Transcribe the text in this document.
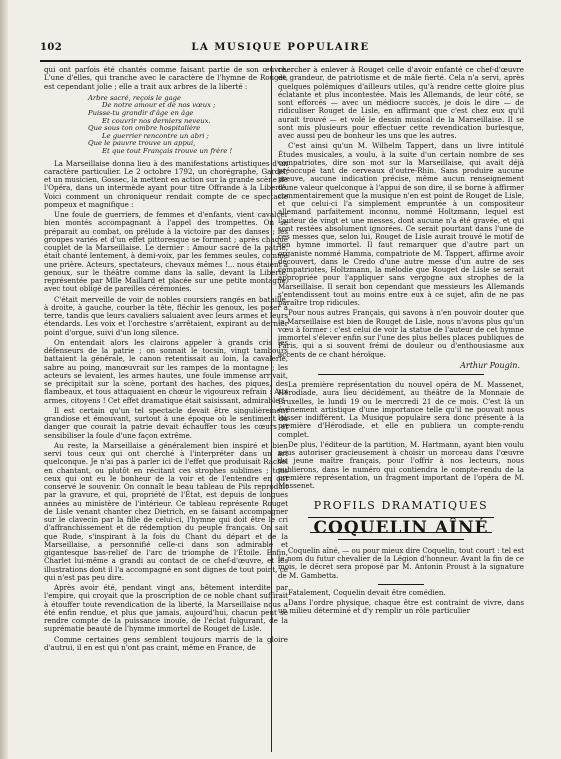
102	LA MUSIQUE POPULAIRE

qui ont parfois été chantés comme faisant partie de son œuvre. L'une d'elles, qui tranche avec le caractère de l'hymne de Rouget, est cependant jolie ; elle a trait aux arbres de la liberté :

Arbre sacré, reçois le gage
De notre amour et de nos vœux ;
Puisse-tu grandir d'âge en âge
Et couvrir nos derniers neveux.
Que sous ton ombre hospitalière
Le guerrier rencontre un abri ;
Que le pauvre trouve un appui,
Et que tout Français trouve un frère !

La Marseillaise donna lieu à des manifestations artistiques d'un caractère particulier. Le 2 octobre 1792, un chorégraphe, Gardel, et un musicien, Gossec, la mettent en action sur la grande scène de l'Opéra, dans un intermède ayant pour titre Offrande à la Liberté. Voici comment un chroniqueur rendait compte de ce spectacle pompeux et magnifique :

Une foule de guerriers, de femmes et d'enfants, vient cavalcer bien montés accompagnant à l'appel des trompettes. On se préparait au combat, on prélude à la victoire par des danses ; les groupes variés et d'un effet pittoresque se forment ; après chaque couplet de la Marseillaise. Le dernier : Amour sacré de la patrie, était chanté lentement, à demi-voix, par les femmes seules, comme une prière. Acteurs, spectateurs, chevaux mêmes !... nous étaient à genoux, sur le théâtre comme dans la salle, devant la Liberté, représentée par Mlle Maillard et placée sur une petite montagne, avec tout obligé de pareilles cérémonies.

C'était merveille de voir de nobles coursiers rangés en bataille, à droite, à gauche, courber la tête, fléchir les genoux, les poser à terre, tandis que leurs cavaliers saluaient avec leurs armes et leurs étendards. Les voix et l'orchestre s'arrêtaient, expirant au dernier point d'orgue, suivi d'un long silence.

On entendait alors les clairons appeler à grands cris les défenseurs de la patrie ; on sonnait le tocsin, vingt tambours battaient la générale, le canon retentissait au loin, la cavalerie, sabre au poing, manœuvrait sur les rampes de la montagne ; les acteurs se levaient, les armes hautes, une foule immense arrivait, se précipitait sur la scène, portant des haches, des piques, des flambeaux, et tous attaquaient en chœur le vigoureux refrain : Aux armes, citoyens ! Cet effet dramatique était saisissant, admirable !

Il est certain qu'un tel spectacle devait être singulièrement grandiose et émouvant, surtout à une époque où le sentiment du danger que courait la patrie devait échauffer tous les cœurs et sensibiliser la foule d'une façon extrême.

Au reste, la Marseillaise a généralement bien inspiré et bien servi tous ceux qui ont cherché à l'interpréter dans un art quelconque. Je n'ai pas à parler ici de l'effet que produisait Rachel en chantant, ou plutôt en récitant ces strophes sublimes ; tous ceux qui ont eu le bonheur de la voir et de l'entendre en ont conservé le souvenir. On connaît le beau tableau de Pils reproduit par la gravure, et qui, propriété de l'État, est depuis de longues années au ministère de l'intérieur. Ce tableau représente Rouget de Lisle venant chanter chez Dietrich, en se faisant accompagner sur le clavecin par la fille de celui-ci, l'hymne qui doit être le cri d'affranchissement et de rédemption du peuple français. On sait que Rude, s'inspirant à la fois du Chant du départ et de la Marseillaise, a personnifié celle-ci dans son admirable et gigantesque bas-relief de l'arc de triomphe de l'Étoile. Enfin, Charlet lui-même a grandi au contact de ce chef-d'œuvre, et les illustrations dont il l'a accompagné en sont dignes de tout point, ce qui n'est pas peu dire.

Après avoir été, pendant vingt ans, bêtement interdite par l'empire, qui croyait que la proscription de ce noble chant suffirait à étouffer toute revendication de la liberté, la Marseillaise nous a été enfin rendue, et plus que jamais, aujourd'hui, chacun peut se rendre compte de la puissance inouïe, de l'éclat fulgurant, de la suprématie beauté de l'hymme immortel de Rouget de Lisle.

Comme certaines gens semblent toujours marris de la gloire d'autrui, il en est qui n'ont pas craint, même en France, de

chercher à enlever à Rouget celle d'avoir enfanté ce chef-d'œuvre de grandeur, de patriotisme et de mâle fierté. Cela n'a servi, après quelques polémiques d'ailleurs utiles, qu'à rendre cette gloire plus éclatante et plus incontestée. Mais les Allemands, de leur côté, se sont efforcés — avec un médiocre succès, je dois le dire — de ridiculiser Rouget de Lisle, en affirmant que c'est chez eux qu'il aurait trouvé — et volé le dessin musical de la Marseillaise. Il se sont mis plusieurs pour effectuer cette revendication burlesque, avec aussi peu de bonheur les uns que les autres.

C'est ainsi qu'un M. Wilhelm Tappert, dans un livre intitulé Études musicales, a voulu, à la suite d'un certain nombre de ses compatriotes, dire son mot sur la Marseillaise, qui avait déjà préoccupé tant de cerveaux d'outre-Rhin. Sans produire aucune preuve, aucune indication précise, même aucun renseignement d'une valeur quelconque à l'appui de son dire, il se borne à affirmer commentairement que la musique n'en est point de Rouget de Lisle, et que celui-ci l'a simplement empruntée à un compositeur allemand parfaitement inconnu, nommé Holtzmann, lequel est l'auteur de vingt et une messes, dont aucune n'a été gravée, et qui sont restées absolument ignorées. Ce serait pourtant dans l'une de ces messes que, selon lui, Rouget de Lisle aurait trouvé le motif de son hymne immortel. Il faut remarquer que d'autre part un organiste nommé Hamma, compatriote de M. Tappert, affirme avoir découvert, dans le Credo d'une autre messe d'un autre de ses compatriotes, Holtzmann, la mélodie que Rouget de Lisle se serait appropriée pour l'appliquer sans vergogne aux strophes de la Marseillaise. Il serait bon cependant que messieurs les Allemands s'entendissent tout au moins entre eux à ce sujet, afin de ne pas paraître trop ridicules.

Pour nous autres Français, qui savons à n'en pouvoir douter que la Marseillaise est bien de Rouget de Lisle, nous n'avons plus qu'un vœu à former : c'est celui de voir la statue de l'auteur de cet hymne immortel s'élever enfin sur l'une des plus belles places publiques de Paris, qui a si souvent frémi de douleur ou d'enthousiasme aux accents de ce chant héroïque.

Arthur Pougin.

La première représentation du nouvel opéra de M. Massenet, Hérodiade, aura lieu décidément, au théâtre de la Monnaie de Bruxelles, le lundi 19 ou le mercredi 21 de ce mois. C'est là un événement artistique d'une importance telle qu'il ne pouvait nous laisser indifférent. La Musique populaire sera donc présente à la première d'Hérodiade, et elle en publiera un compte-rendu complet.

De plus, l'éditeur de la partition, M. Hartmann, ayant bien voulu nous autoriser gracieusement à choisir un morceau dans l'œuvre du jeune maître français, pour l'offrir à nos lecteurs, nous publierons, dans le numéro qui contiendra le compte-rendu de la première représentation, un fragment important de l'opéra de M. Massenet.

PROFILS DRAMATIQUES
COQUELIN AÎNÉ

Coquelin aîné, — ou pour mieux dire Coquelin, tout court : tel est le nom du futur chevalier de la Légion d'honneur. Avant la fin de ce mois, le décret sera proposé par M. Antonin Proust à la signature de M. Gambetta.

Fatalement, Coquelin devait être comédien.

Dans l'ordre physique, chaque être est contraint de vivre, dans un milieu déterminé et d'y remplir un rôle particulier
